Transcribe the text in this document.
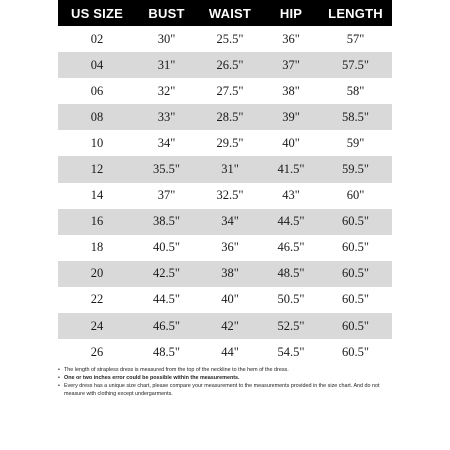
US SIZE	BUST	WAIST	HIP	LENGTH
02	30"	25.5"	36"	57"
04	31"	26.5"	37"	57.5"
06	32"	27.5"	38"	58"
08	33"	28.5"	39"	58.5"
10	34"	29.5"	40"	59"
12	35.5"	31"	41.5"	59.5"
14	37"	32.5"	43"	60"
16	38.5"	34"	44.5"	60.5"
18	40.5"	36"	46.5"	60.5"
20	42.5"	38"	48.5"	60.5"
22	44.5"	40"	50.5"	60.5"
24	46.5"	42"	52.5"	60.5"
26	48.5"	44"	54.5"	60.5"
• The length of strapless dress is measured from the top of the neckline to the hem of the dress.
• One or two inches error could be possible within the measurements.
• Every dress has a unique size chart, please compare your measurement to the measurements provided in the size chart. And do not measure with clothing except undergarments.
